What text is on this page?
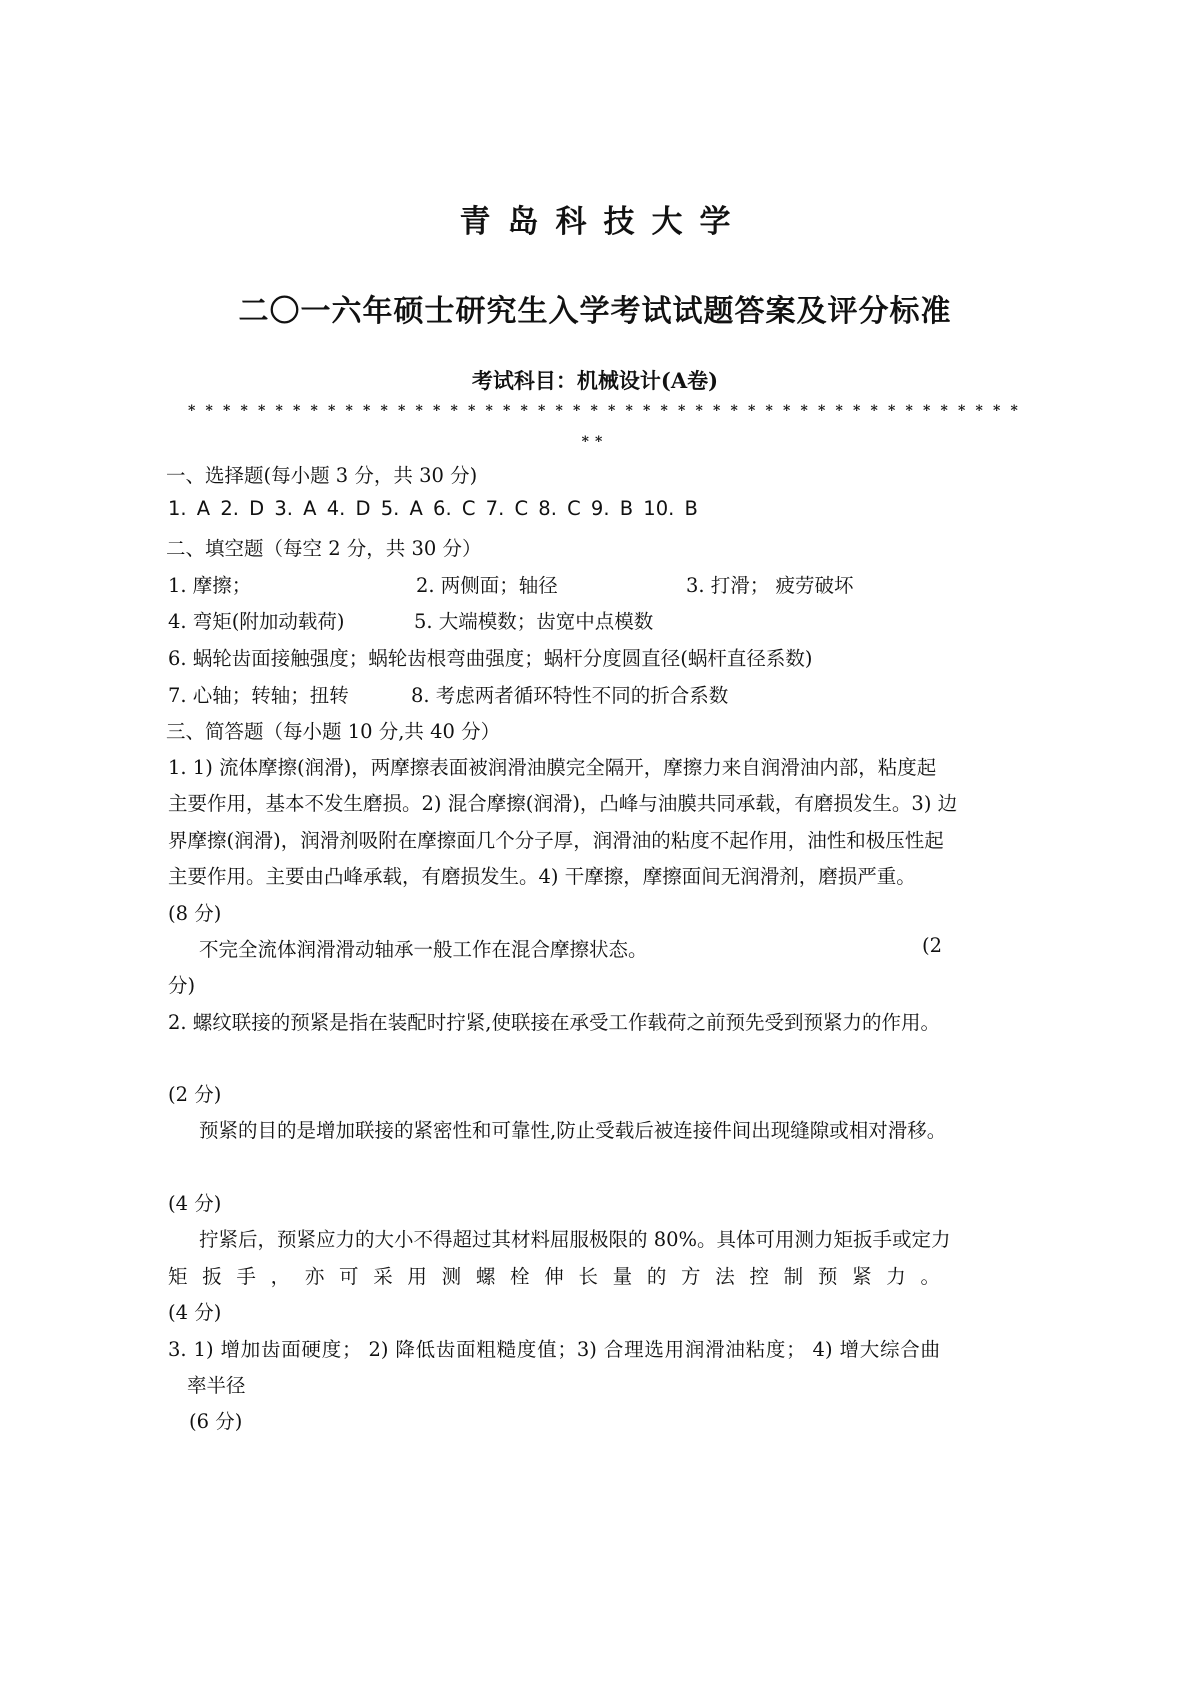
青岛科技大学
二〇一六年硕士研究生入学考试试题答案及评分标准
考试科目：机械设计(A卷)
* * * * * * * * * * * * * * * * * * * * * * * * * * * * * * * * * * * * * * * * * * * * * * * *
**
一、选择题(每小题 3 分，共 30 分)
1. A 2. D 3. A 4. D 5. A 6. C 7. C 8. C 9. B 10. B
二、填空题（每空 2 分，共 30 分）
1. 摩擦；	2. 两侧面；轴径	3. 打滑； 疲劳破坏
4. 弯矩(附加动载荷)	5. 大端模数；齿宽中点模数
6. 蜗轮齿面接触强度；蜗轮齿根弯曲强度；蜗杆分度圆直径(蜗杆直径系数)
7. 心轴；转轴；扭转	8. 考虑两者循环特性不同的折合系数
三、简答题（每小题 10 分,共 40 分）
1. 1) 流体摩擦(润滑)，两摩擦表面被润滑油膜完全隔开，摩擦力来自润滑油内部，粘度起
主要作用，基本不发生磨损。2) 混合摩擦(润滑)，凸峰与油膜共同承载，有磨损发生。3) 边
界摩擦(润滑)，润滑剂吸附在摩擦面几个分子厚，润滑油的粘度不起作用，油性和极压性起
主要作用。主要由凸峰承载，有磨损发生。4) 干摩擦，摩擦面间无润滑剂，磨损严重。
(8 分)
不完全流体润滑滑动轴承一般工作在混合摩擦状态。	(2
分)
2. 螺纹联接的预紧是指在装配时拧紧,使联接在承受工作载荷之前预先受到预紧力的作用。
(2 分)
预紧的目的是增加联接的紧密性和可靠性,防止受载后被连接件间出现缝隙或相对滑移。
(4 分)
拧紧后，预紧应力的大小不得超过其材料屈服极限的 80%。具体可用测力矩扳手或定力
矩扳手，亦可采用测螺栓伸长量的方法控制预紧力。
(4 分)
3. 1) 增加齿面硬度； 2) 降低齿面粗糙度值；3) 合理选用润滑油粘度； 4) 增大综合曲
率半径
(6 分)
